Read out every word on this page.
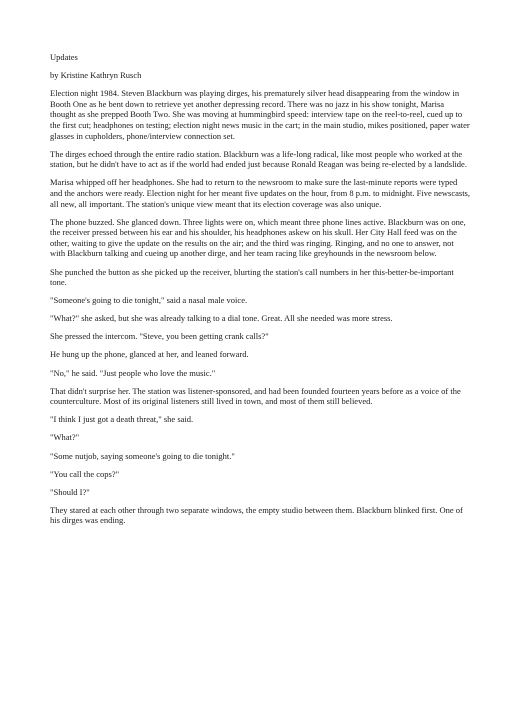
Updates
by Kristine Kathryn Rusch

Election night 1984. Steven Blackburn was playing dirges, his prematurely silver head disappearing from the window in Booth One as he bent down to retrieve yet another depressing record. There was no jazz in his show tonight, Marisa thought as she prepped Booth Two. She was moving at hummingbird speed: interview tape on the reel-to-reel, cued up to the first cut; headphones on testing; election night news music in the cart; in the main studio, mikes positioned, paper water glasses in cupholders, phone/interview connection set.

The dirges echoed through the entire radio station. Blackburn was a life-long radical, like most people who worked at the station, but he didn't have to act as if the world had ended just because Ronald Reagan was being re-elected by a landslide.

Marisa whipped off her headphones. She had to return to the newsroom to make sure the last-minute reports were typed and the anchors were ready. Election night for her meant five updates on the hour, from 8 p.m. to midnight. Five newscasts, all new, all important. The station's unique view meant that its election coverage was also unique.

The phone buzzed. She glanced down. Three lights were on, which meant three phone lines active. Blackburn was on one, the receiver pressed between his ear and his shoulder, his headphones askew on his skull. Her City Hall feed was on the other, waiting to give the update on the results on the air; and the third was ringing. Ringing, and no one to answer, not with Blackburn talking and cueing up another dirge, and her team racing like greyhounds in the newsroom below.

She punched the button as she picked up the receiver, blurting the station's call numbers in her this-better-be-important tone.

"Someone's going to die tonight," said a nasal male voice.

"What?" she asked, but she was already talking to a dial tone. Great. All she needed was more stress.

She pressed the intercom. "Steve, you been getting crank calls?"

He hung up the phone, glanced at her, and leaned forward.

"No," he said. "Just people who love the music."

That didn't surprise her. The station was listener-sponsored, and had been founded fourteen years before as a voice of the counterculture. Most of its original listeners still lived in town, and most of them still believed.

"I think I just got a death threat," she said.

"What?"

"Some nutjob, saying someone's going to die tonight."

"You call the cops?"

"Should I?"

They stared at each other through two separate windows, the empty studio between them. Blackburn blinked first. One of his dirges was ending.
